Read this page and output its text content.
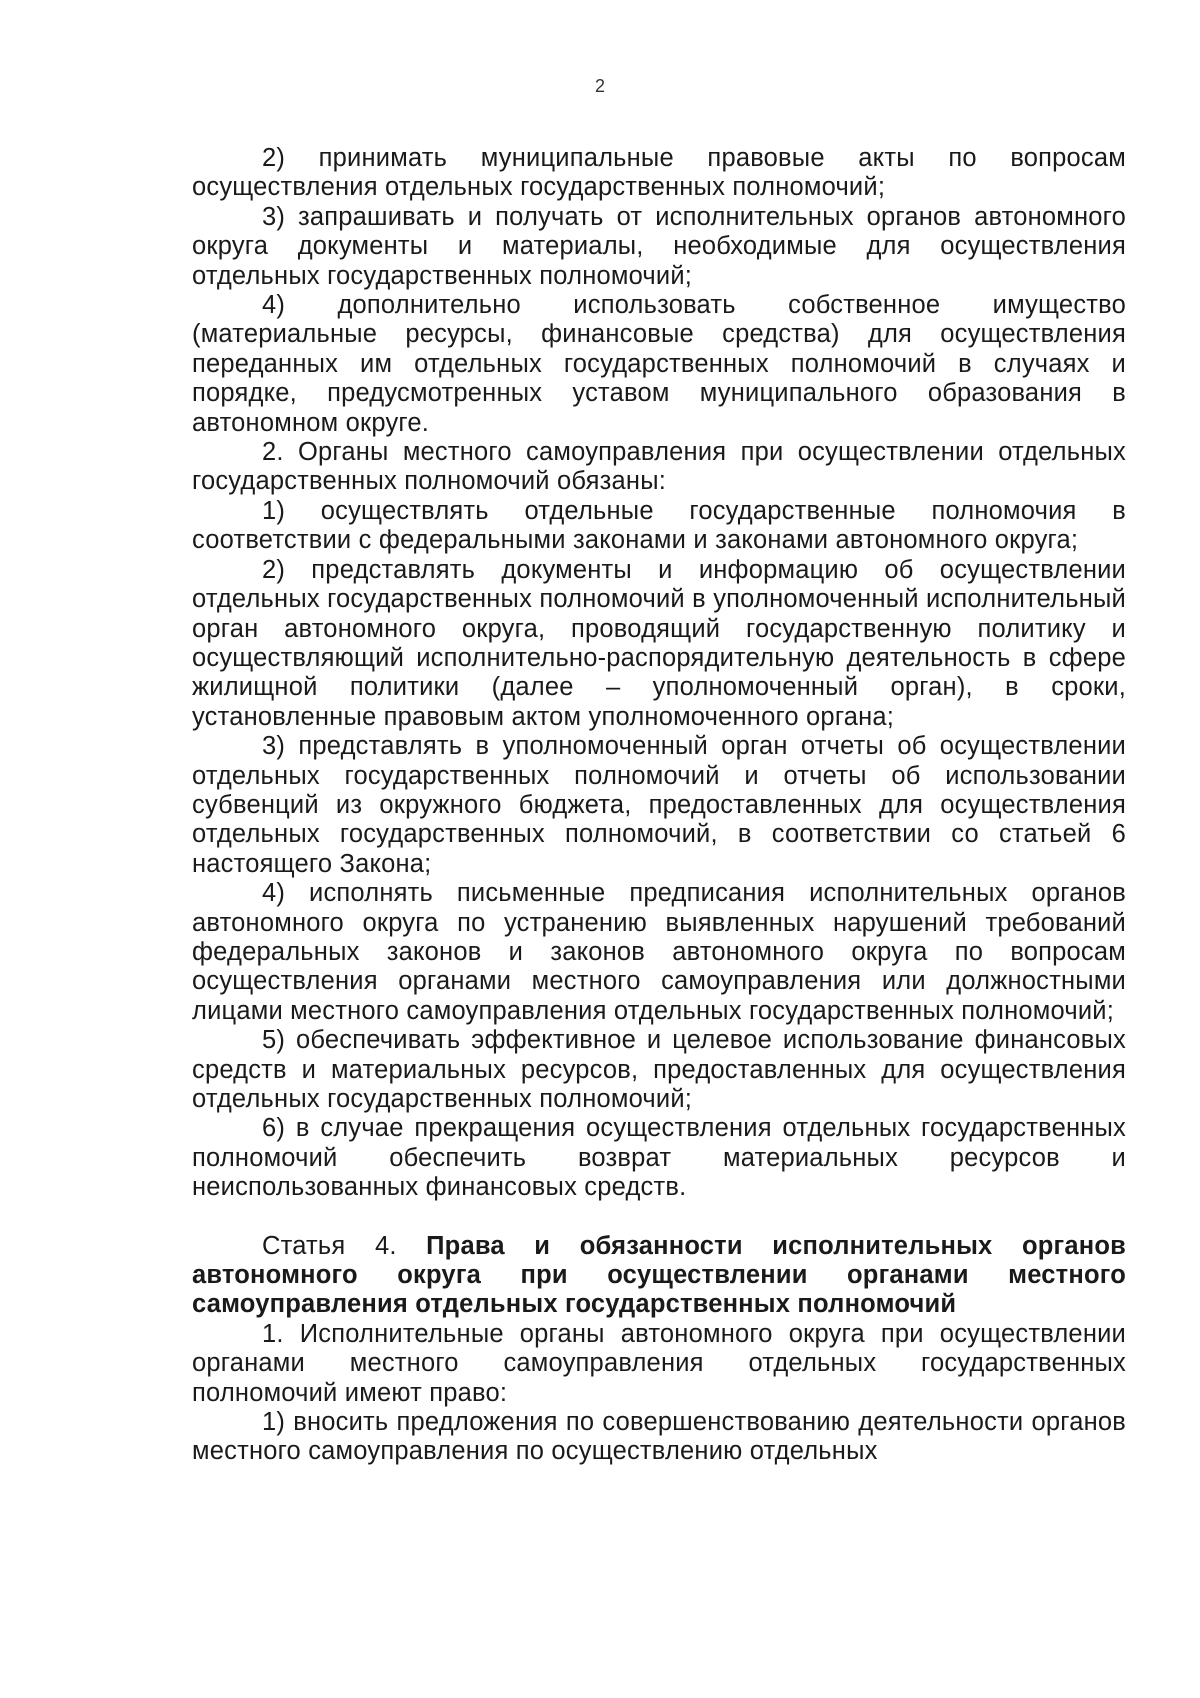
2

2) принимать муниципальные правовые акты по вопросам осуществления отдельных государственных полномочий;

3) запрашивать и получать от исполнительных органов автономного округа документы и материалы, необходимые для осуществления отдельных государственных полномочий;

4) дополнительно использовать собственное имущество (материальные ресурсы, финансовые средства) для осуществления переданных им отдельных государственных полномочий в случаях и порядке, предусмотренных уставом муниципального образования в автономном округе.

2. Органы местного самоуправления при осуществлении отдельных государственных полномочий обязаны:

1) осуществлять отдельные государственные полномочия в соответствии с федеральными законами и законами автономного округа;

2) представлять документы и информацию об осуществлении отдельных государственных полномочий в уполномоченный исполнительный орган автономного округа, проводящий государственную политику и осуществляющий исполнительно-распорядительную деятельность в сфере жилищной политики (далее – уполномоченный орган), в сроки, установленные правовым актом уполномоченного органа;

3) представлять в уполномоченный орган отчеты об осуществлении отдельных государственных полномочий и отчеты об использовании субвенций из окружного бюджета, предоставленных для осуществления отдельных государственных полномочий, в соответствии со статьей 6 настоящего Закона;

4) исполнять письменные предписания исполнительных органов автономного округа по устранению выявленных нарушений требований федеральных законов и законов автономного округа по вопросам осуществления органами местного самоуправления или должностными лицами местного самоуправления отдельных государственных полномочий;

5) обеспечивать эффективное и целевое использование финансовых средств и материальных ресурсов, предоставленных для осуществления отдельных государственных полномочий;

6) в случае прекращения осуществления отдельных государственных полномочий обеспечить возврат материальных ресурсов и неиспользованных финансовых средств.

Статья 4. Права и обязанности исполнительных органов автономного округа при осуществлении органами местного самоуправления отдельных государственных полномочий

1. Исполнительные органы автономного округа при осуществлении органами местного самоуправления отдельных государственных полномочий имеют право:

1) вносить предложения по совершенствованию деятельности органов местного самоуправления по осуществлению отдельных
